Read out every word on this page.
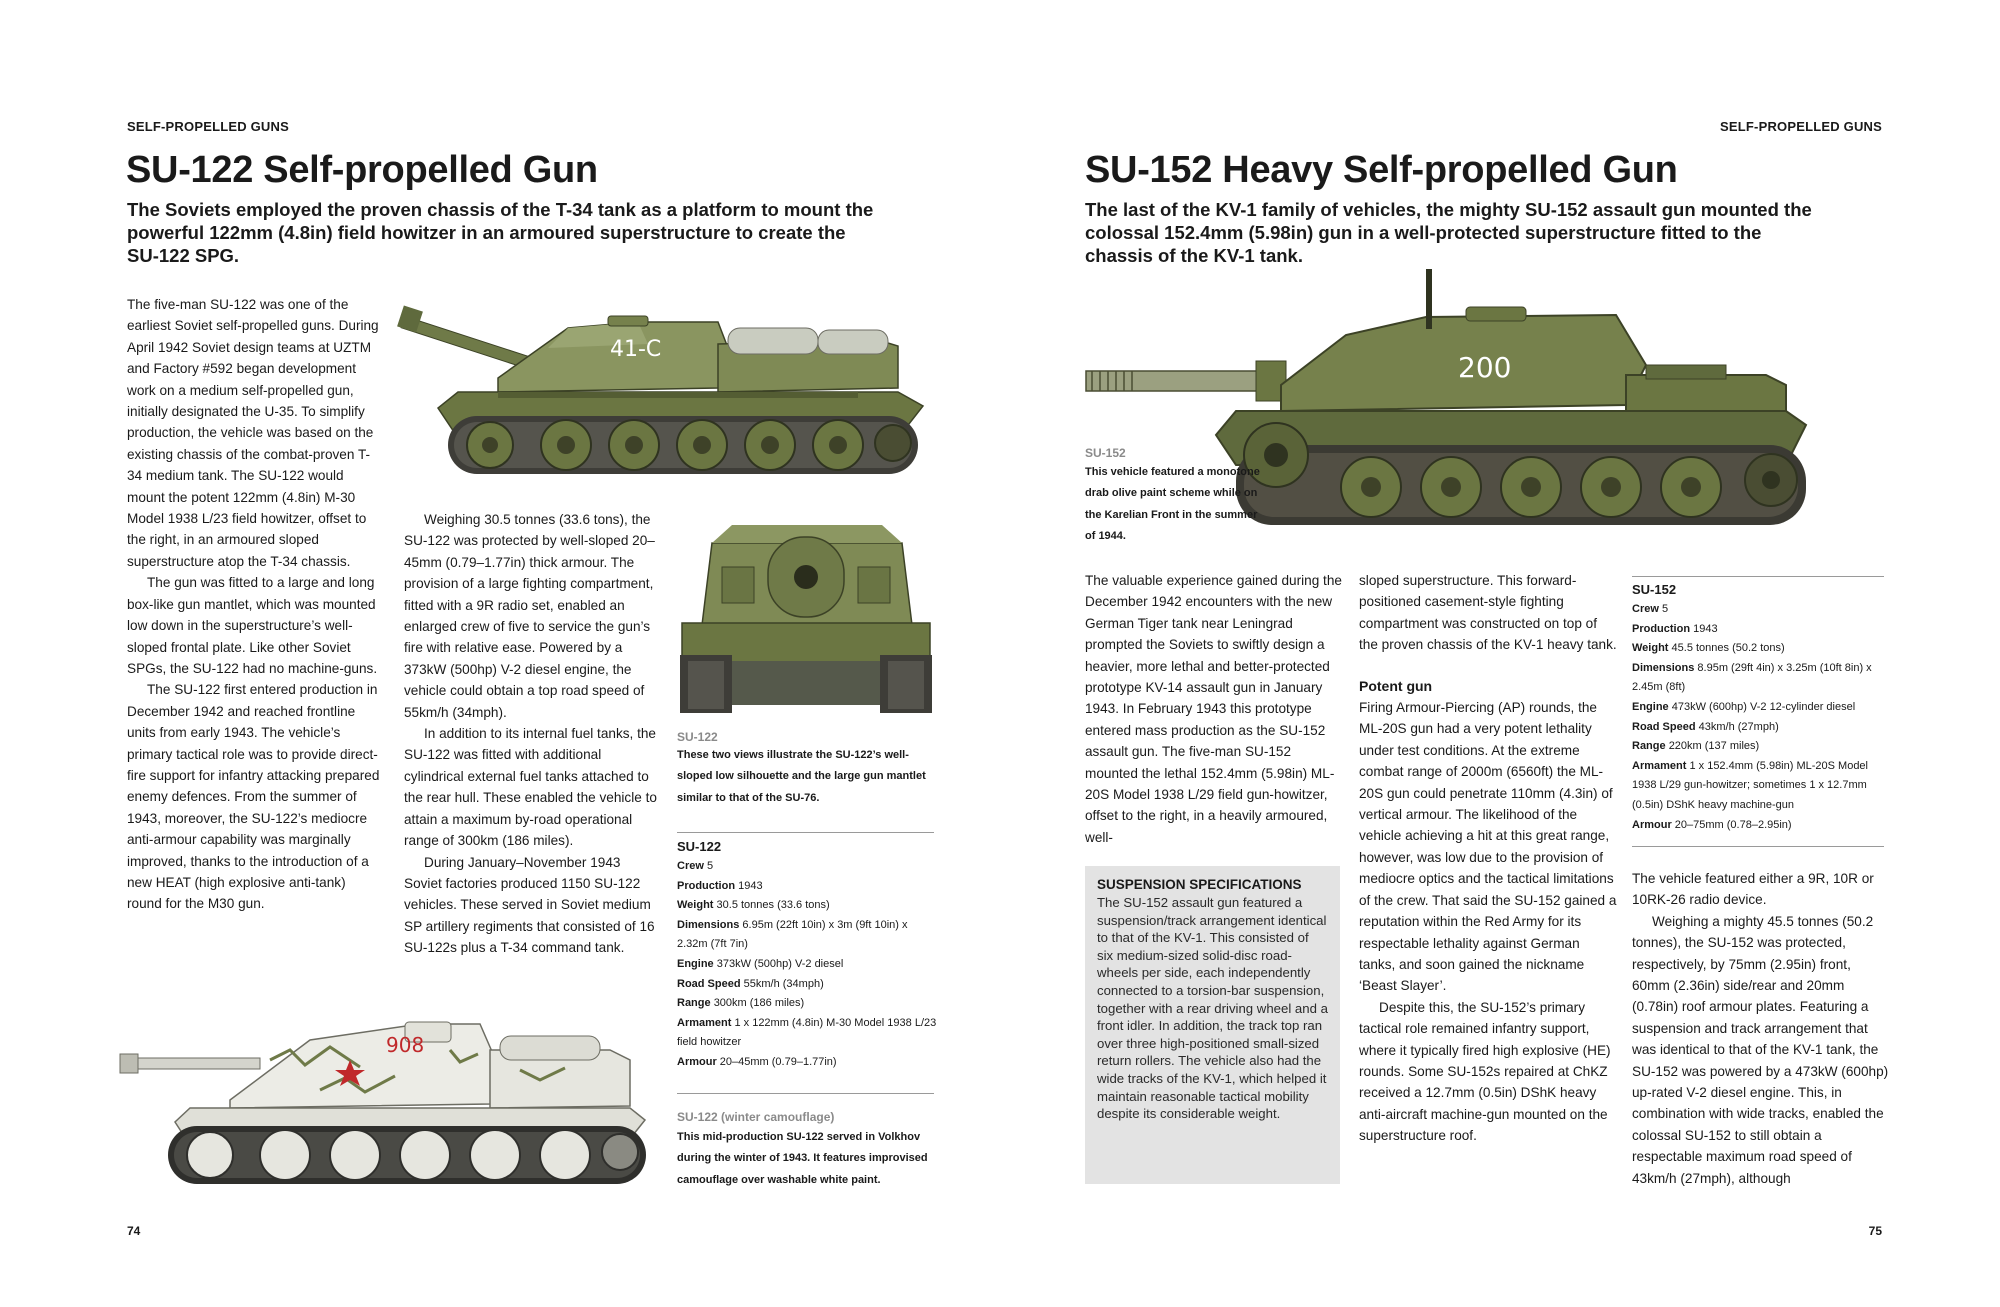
SELF-PROPELLED GUNS
SU-122 Self-propelled Gun
The Soviets employed the proven chassis of the T-34 tank as a platform to mount the powerful 122mm (4.8in) field howitzer in an armoured superstructure to create the SU-122 SPG.

The five-man SU-122 was one of the earliest Soviet self-propelled guns. During April 1942 Soviet design teams at UZTM and Factory #592 began development work on a medium self-propelled gun, initially designated the U-35. To simplify production, the vehicle was based on the existing chassis of the combat-proven T-34 medium tank. The SU-122 would mount the potent 122mm (4.8in) M-30 Model 1938 L/23 field howitzer, offset to the right, in an armoured sloped superstructure atop the T-34 chassis.

The gun was fitted to a large and long box-like gun mantlet, which was mounted low down in the superstructure’s well-sloped frontal plate. Like other Soviet SPGs, the SU-122 had no machine-guns.

The SU-122 first entered production in December 1942 and reached frontline units from early 1943. The vehicle’s primary tactical role was to provide direct-fire support for infantry attacking prepared enemy defences. From the summer of 1943, moreover, the SU-122’s mediocre anti-armour capability was marginally improved, thanks to the introduction of a new HEAT (high explosive anti-tank) round for the M30 gun.

Weighing 30.5 tonnes (33.6 tons), the SU-122 was protected by well-sloped 20–45mm (0.79–1.77in) thick armour. The provision of a large fighting compartment, fitted with a 9R radio set, enabled an enlarged crew of five to service the gun’s fire with relative ease. Powered by a 373kW (500hp) V-2 diesel engine, the vehicle could obtain a top road speed of 55km/h (34mph).

In addition to its internal fuel tanks, the SU-122 was fitted with additional cylindrical external fuel tanks attached to the rear hull. These enabled the vehicle to attain a maximum by-road operational range of 300km (186 miles).

During January–November 1943 Soviet factories produced 1150 SU-122 vehicles. These served in Soviet medium SP artillery regiments that consisted of 16 SU-122s plus a T-34 command tank.

41-C
SU-122
These two views illustrate the SU-122’s well-sloped low silhouette and the large gun mantlet similar to that of the SU-76.
SU-122
Crew 5
Production 1943
Weight 30.5 tonnes (33.6 tons)
Dimensions 6.95m (22ft 10in) x 3m (9ft 10in) x 2.32m (7ft 7in)
Engine 373kW (500hp) V-2 diesel
Road Speed 55km/h (34mph)
Range 300km (186 miles)
Armament 1 x 122mm (4.8in) M-30 Model 1938 L/23 field howitzer
Armour 20–45mm (0.79–1.77in)
SU-122 (winter camouflage)
This mid-production SU-122 served in Volkhov during the winter of 1943. It features improvised camouflage over washable white paint.
908
74
SELF-PROPELLED GUNS
SU-152 Heavy Self-propelled Gun
The last of the KV-1 family of vehicles, the mighty SU-152 assault gun mounted the colossal 152.4mm (5.98in) gun in a well-protected superstructure fitted to the chassis of the KV-1 tank.
200
SU-152
This vehicle featured a monotone drab olive paint scheme while on the Karelian Front in the summer of 1944.

The valuable experience gained during the December 1942 encounters with the new German Tiger tank near Leningrad prompted the Soviets to swiftly design a heavier, more lethal and better-protected prototype KV-14 assault gun in January 1943. In February 1943 this prototype entered mass production as the SU-152 assault gun. The five-man SU-152 mounted the lethal 152.4mm (5.98in) ML-20S Model 1938 L/29 field gun-howitzer, offset to the right, in a heavily armoured, well-

SUSPENSION SPECIFICATIONS

The SU-152 assault gun featured a suspension/track arrangement identical to that of the KV-1. This consisted of six medium-sized solid-disc road-wheels per side, each independently connected to a torsion-bar suspension, together with a rear driving wheel and a front idler. In addition, the track top ran over three high-positioned small-sized return rollers. The vehicle also had the wide tracks of the KV-1, which helped it maintain reasonable tactical mobility despite its considerable weight.

sloped superstructure. This forward-positioned casement-style fighting compartment was constructed on top of the proven chassis of the KV-1 heavy tank.

Potent gun

Firing Armour-Piercing (AP) rounds, the ML-20S gun had a very potent lethality under test conditions. At the extreme combat range of 2000m (6560ft) the ML-20S gun could penetrate 110mm (4.3in) of vertical armour. The likelihood of the vehicle achieving a hit at this great range, however, was low due to the provision of mediocre optics and the tactical limitations of the crew. That said the SU-152 gained a reputation within the Red Army for its respectable lethality against German tanks, and soon gained the nickname ‘Beast Slayer’.

Despite this, the SU-152’s primary tactical role remained infantry support, where it typically fired high explosive (HE) rounds. Some SU-152s repaired at ChKZ received a 12.7mm (0.5in) DShK heavy anti-aircraft machine-gun mounted on the superstructure roof.

SU-152
Crew 5
Production 1943
Weight 45.5 tonnes (50.2 tons)
Dimensions 8.95m (29ft 4in) x 3.25m (10ft 8in) x 2.45m (8ft)
Engine 473kW (600hp) V-2 12-cylinder diesel
Road Speed 43km/h (27mph)
Range 220km (137 miles)
Armament 1 x 152.4mm (5.98in) ML-20S Model 1938 L/29 gun-howitzer; sometimes 1 x 12.7mm (0.5in) DShK heavy machine-gun
Armour 20–75mm (0.78–2.95in)

The vehicle featured either a 9R, 10R or 10RK-26 radio device.

Weighing a mighty 45.5 tonnes (50.2 tonnes), the SU-152 was protected, respectively, by 75mm (2.95in) front, 60mm (2.36in) side/rear and 20mm (0.78in) roof armour plates. Featuring a suspension and track arrangement that was identical to that of the KV-1 tank, the SU-152 was powered by a 473kW (600hp) up-rated V-2 diesel engine. This, in combination with wide tracks, enabled the colossal SU-152 to still obtain a respectable maximum road speed of 43km/h (27mph), although

75
